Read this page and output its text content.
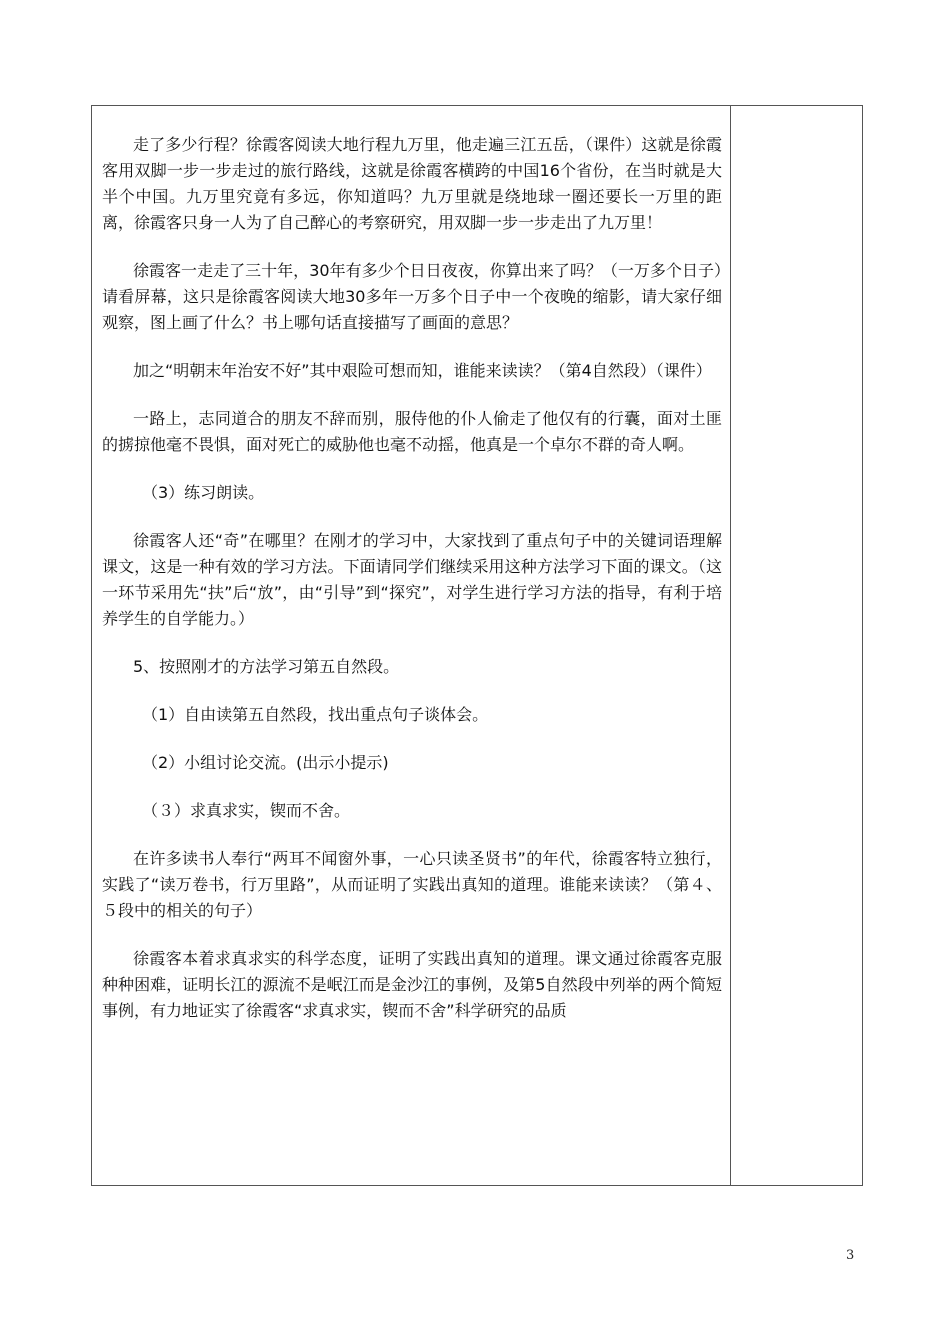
走了多少行程？徐霞客阅读大地行程九万里，他走遍三江五岳，（课件）这就是徐霞客用双脚一步一步走过的旅行路线，这就是徐霞客横跨的中国16个省份，在当时就是大半个中国。九万里究竟有多远，你知道吗？九万里就是绕地球一圈还要长一万里的距离，徐霞客只身一人为了自己醉心的考察研究，用双脚一步一步走出了九万里！

徐霞客一走走了三十年，30年有多少个日日夜夜，你算出来了吗？（一万多个日子）请看屏幕，这只是徐霞客阅读大地30多年一万多个日子中一个夜晚的缩影，请大家仔细观察，图上画了什么？书上哪句话直接描写了画面的意思？

加之“明朝末年治安不好”其中艰险可想而知，谁能来读读？（第4自然段）（课件）

一路上，志同道合的朋友不辞而别，服侍他的仆人偷走了他仅有的行囊，面对土匪的掳掠他毫不畏惧，面对死亡的威胁他也毫不动摇，他真是一个卓尔不群的奇人啊。

（3）练习朗读。

徐霞客人还“奇”在哪里？在刚才的学习中，大家找到了重点句子中的关键词语理解课文，这是一种有效的学习方法。下面请同学们继续采用这种方法学习下面的课文。（这一环节采用先“扶”后“放”，由“引导”到“探究”，对学生进行学习方法的指导，有利于培养学生的自学能力。）

5、按照刚才的方法学习第五自然段。

（1）自由读第五自然段，找出重点句子谈体会。

（2）小组讨论交流。(出示小提示)

（３）求真求实，锲而不舍。

在许多读书人奉行“两耳不闻窗外事，一心只读圣贤书”的年代，徐霞客特立独行，实践了“读万卷书，行万里路”，从而证明了实践出真知的道理。谁能来读读？（第４、５段中的相关的句子）

徐霞客本着求真求实的科学态度，证明了实践出真知的道理。课文通过徐霞客克服种种困难，证明长江的源流不是岷江而是金沙江的事例，及第5自然段中列举的两个简短事例，有力地证实了徐霞客“求真求实，锲而不舍”科学研究的品质

3
